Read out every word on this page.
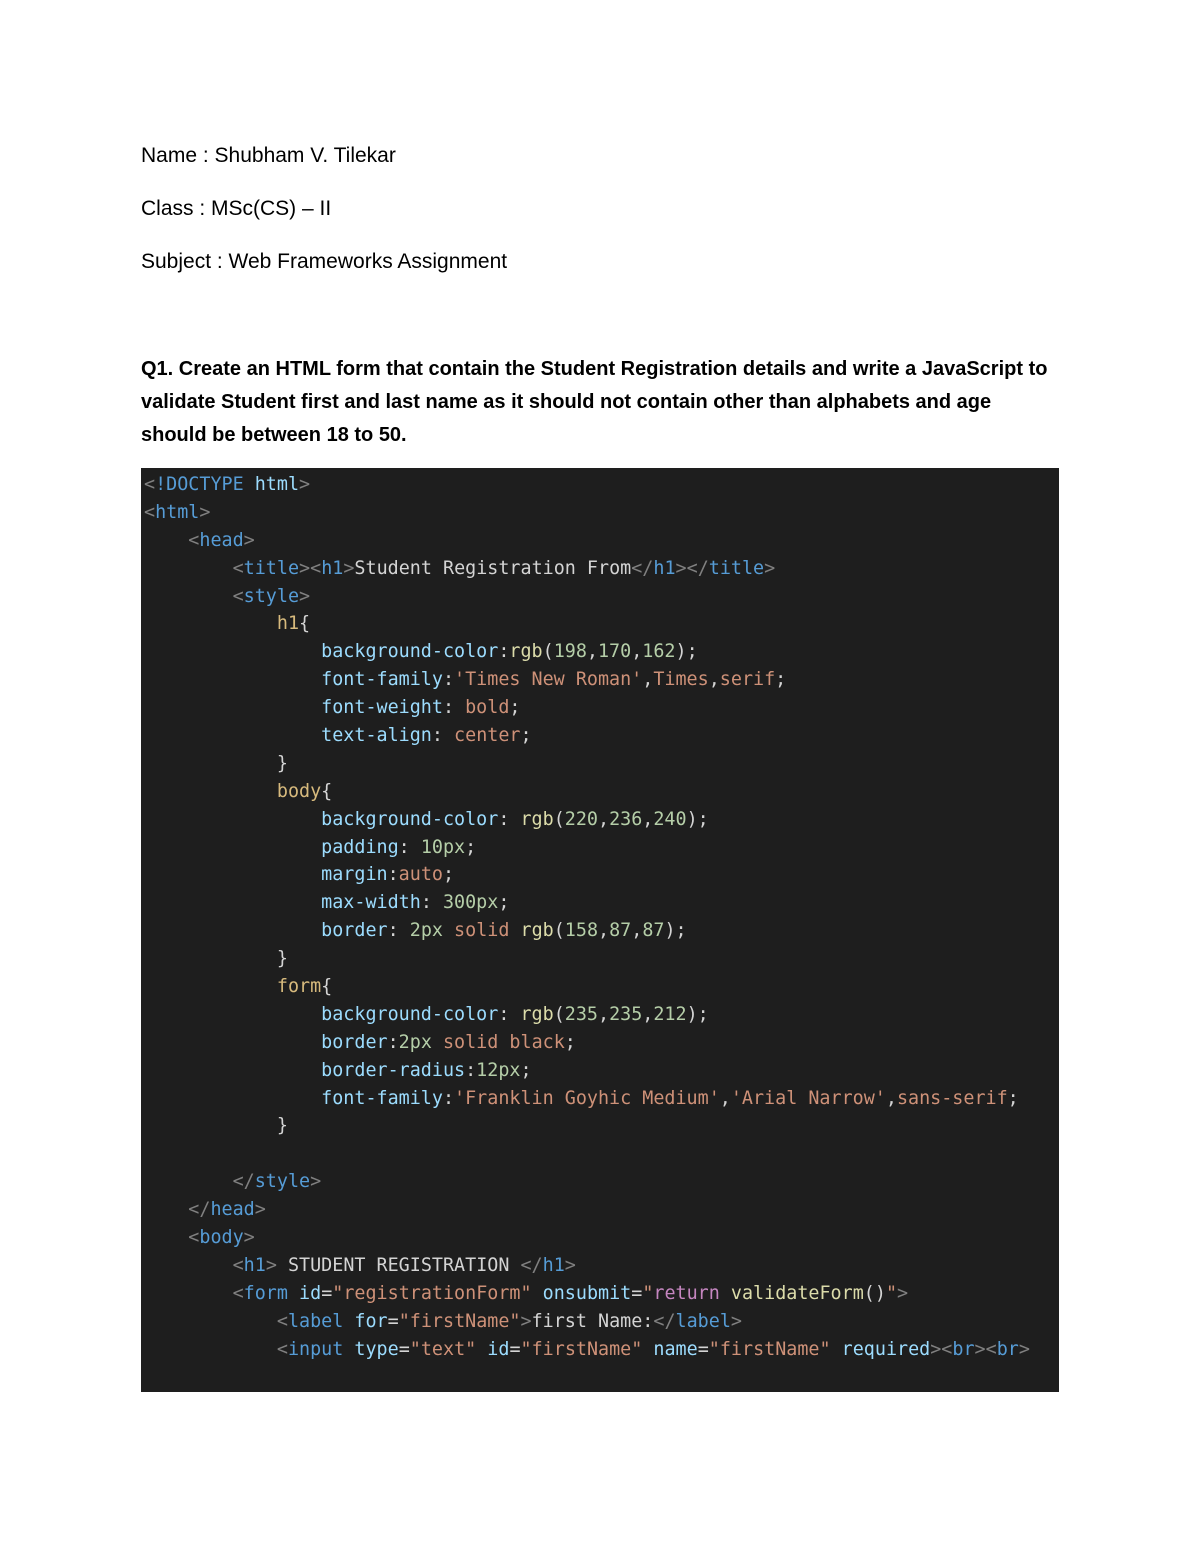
Name : Shubham V. Tilekar
Class : MSc(CS) – II
Subject : Web Frameworks Assignment
Q1. Create an HTML form that contain the Student Registration details and write a JavaScript to validate Student first and last name as it should not contain other than alphabets and age should be between 18 to 50.
<!DOCTYPE html>
<html>
<head>
<title><h1>Student Registration From</h1></title>
<style>
h1{
background-color:rgb(198,170,162);
font-family:'Times New Roman',Times,serif;
font-weight: bold;
text-align: center;
}
body{
background-color: rgb(220,236,240);
padding: 10px;
margin:auto;
max-width: 300px;
border: 2px solid rgb(158,87,87);
}
form{
background-color: rgb(235,235,212);
border:2px solid black;
border-radius:12px;
font-family:'Franklin Goyhic Medium','Arial Narrow',sans-serif;
}
</style>
</head>
<body>
<h1> STUDENT REGISTRATION </h1>
<form id="registrationForm" onsubmit="return validateForm()">
<label for="firstName">first Name:</label>
<input type="text" id="firstName" name="firstName" required><br><br>
